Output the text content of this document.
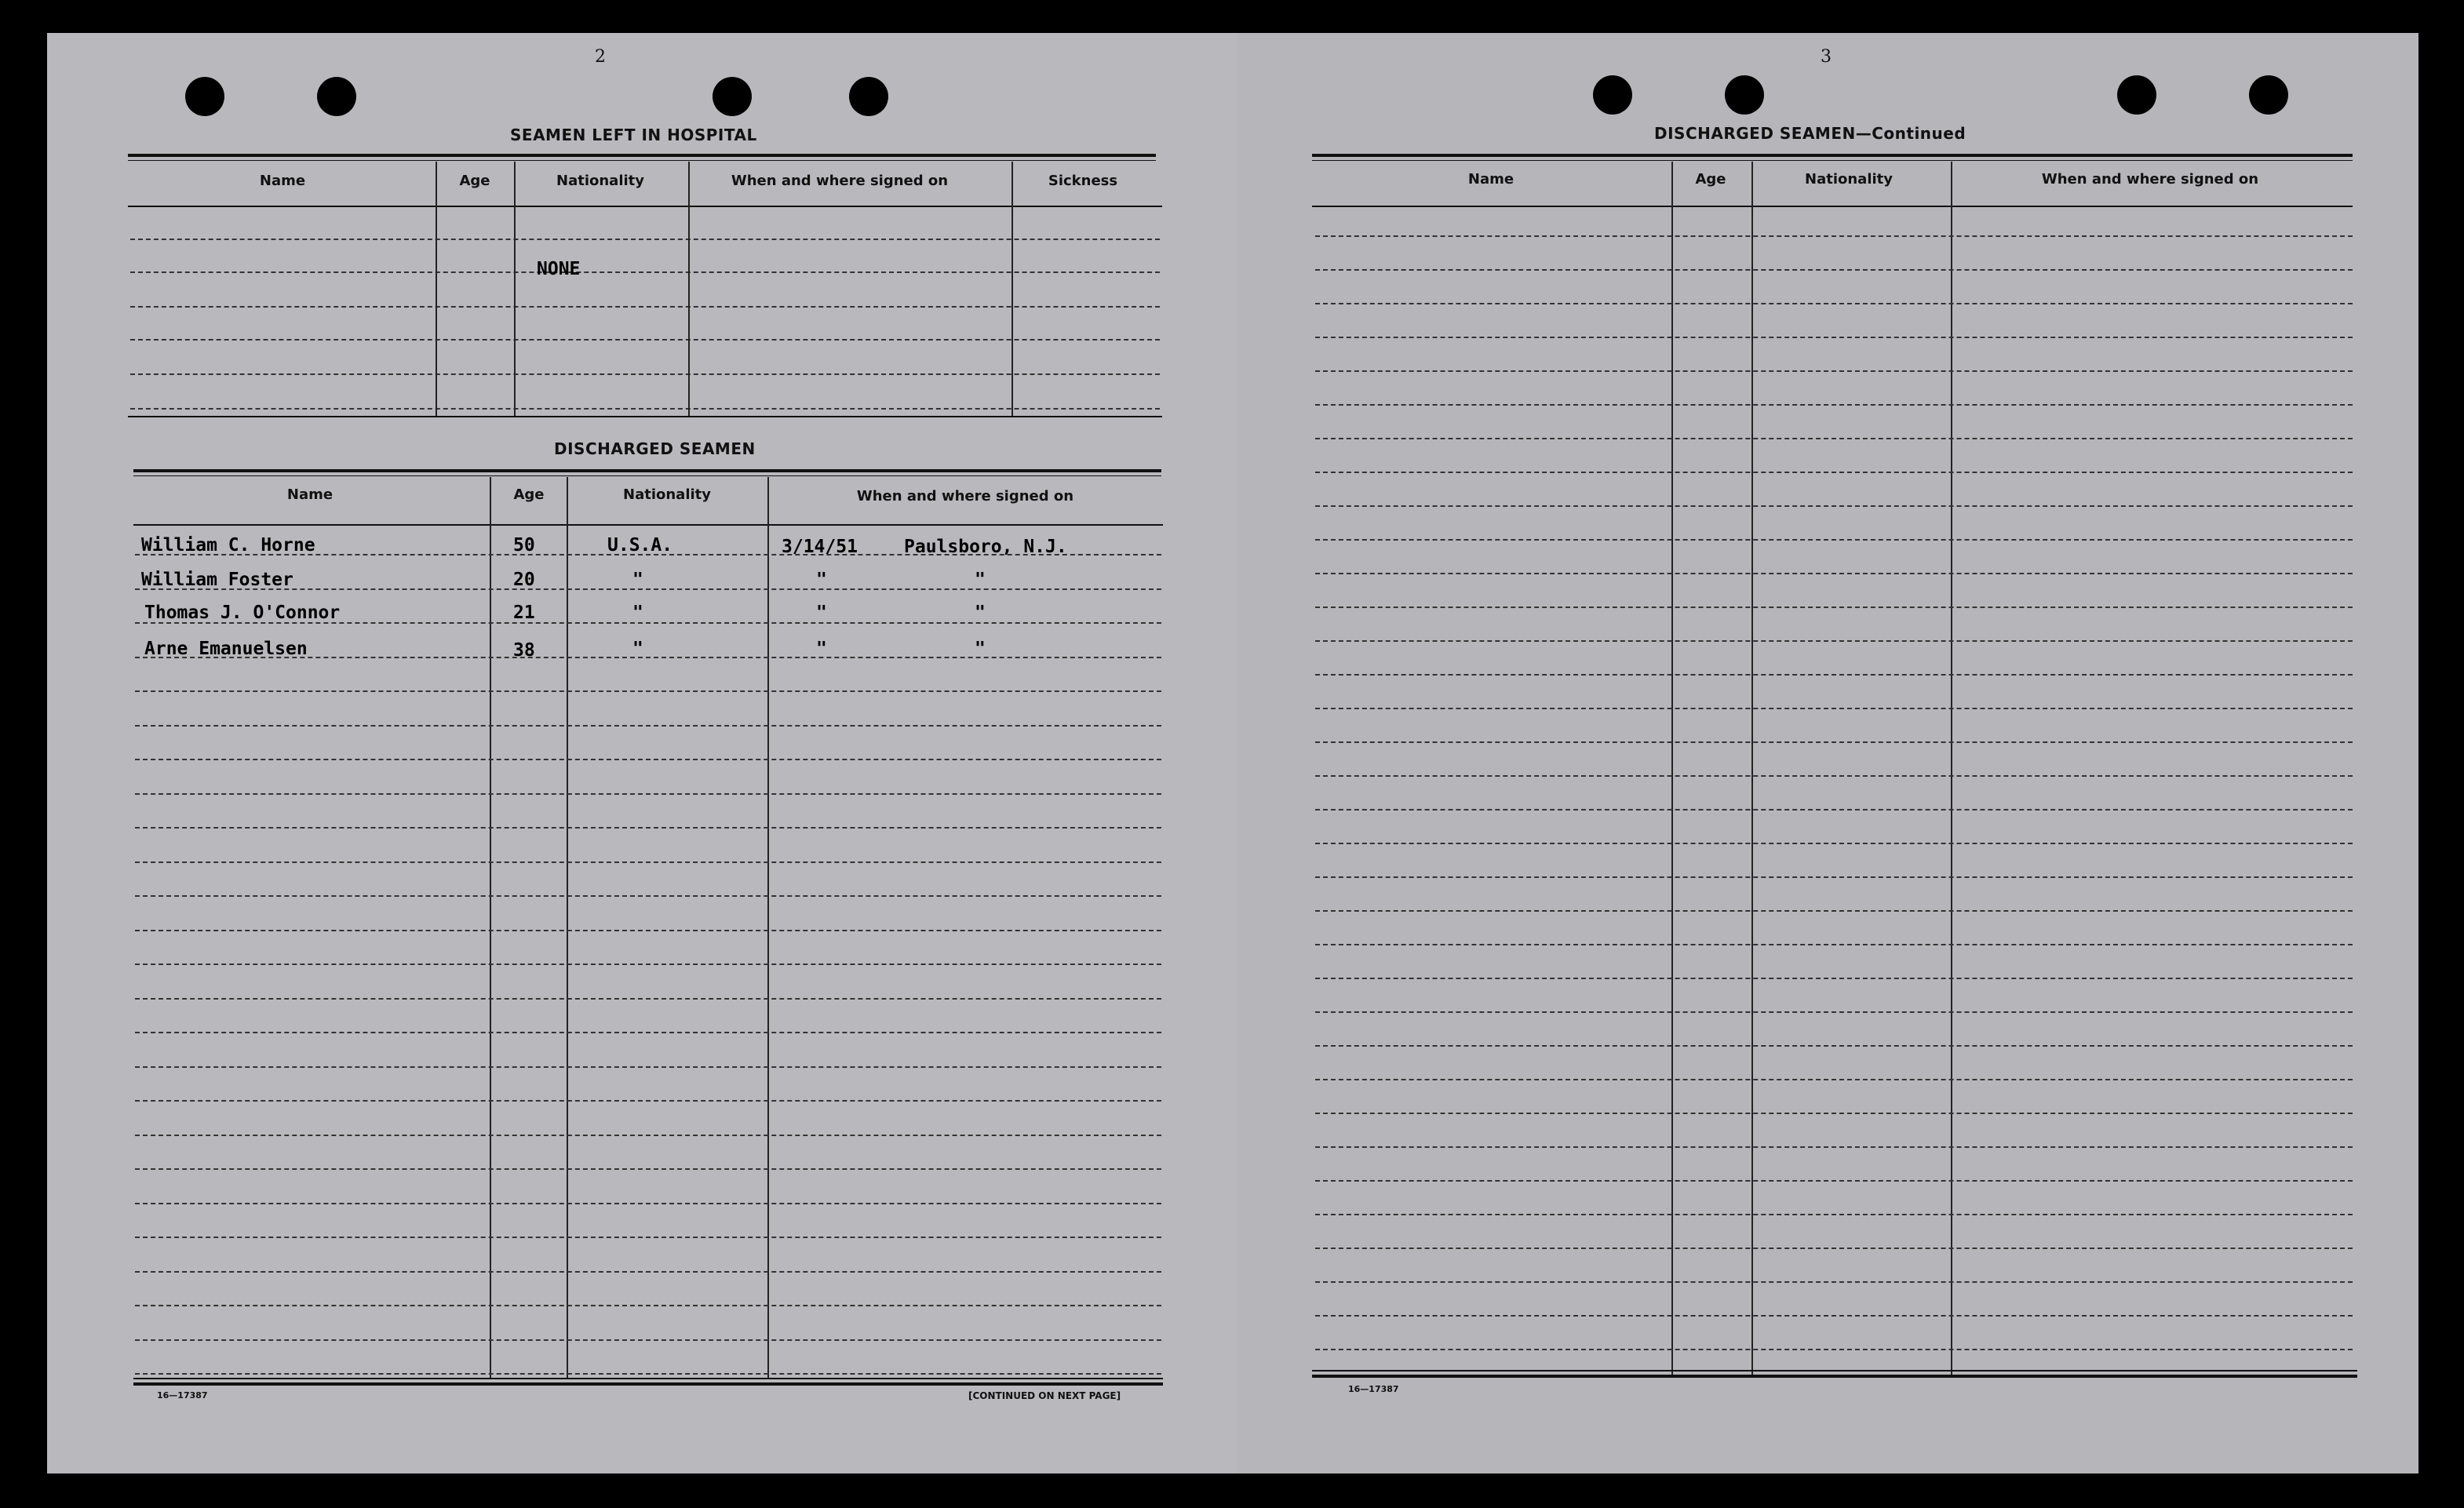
2
SEAMEN LEFT IN HOSPITAL
Name	Age	Nationality	When and where signed on	Sickness
NONE
DISCHARGED SEAMEN
Name	Age	Nationality	When and where signed on
William C. Horne	50	U.S.A.	3/14/51	Paulsboro, N.J.
William Foster	20	"	"	"
Thomas J. O'Connor	21	"	"	"
Arne Emanuelsen	38	"	"	"
16—17387	[CONTINUED ON NEXT PAGE]
3
DISCHARGED SEAMEN—Continued
Name	Age	Nationality	When and where signed on
16—17387
